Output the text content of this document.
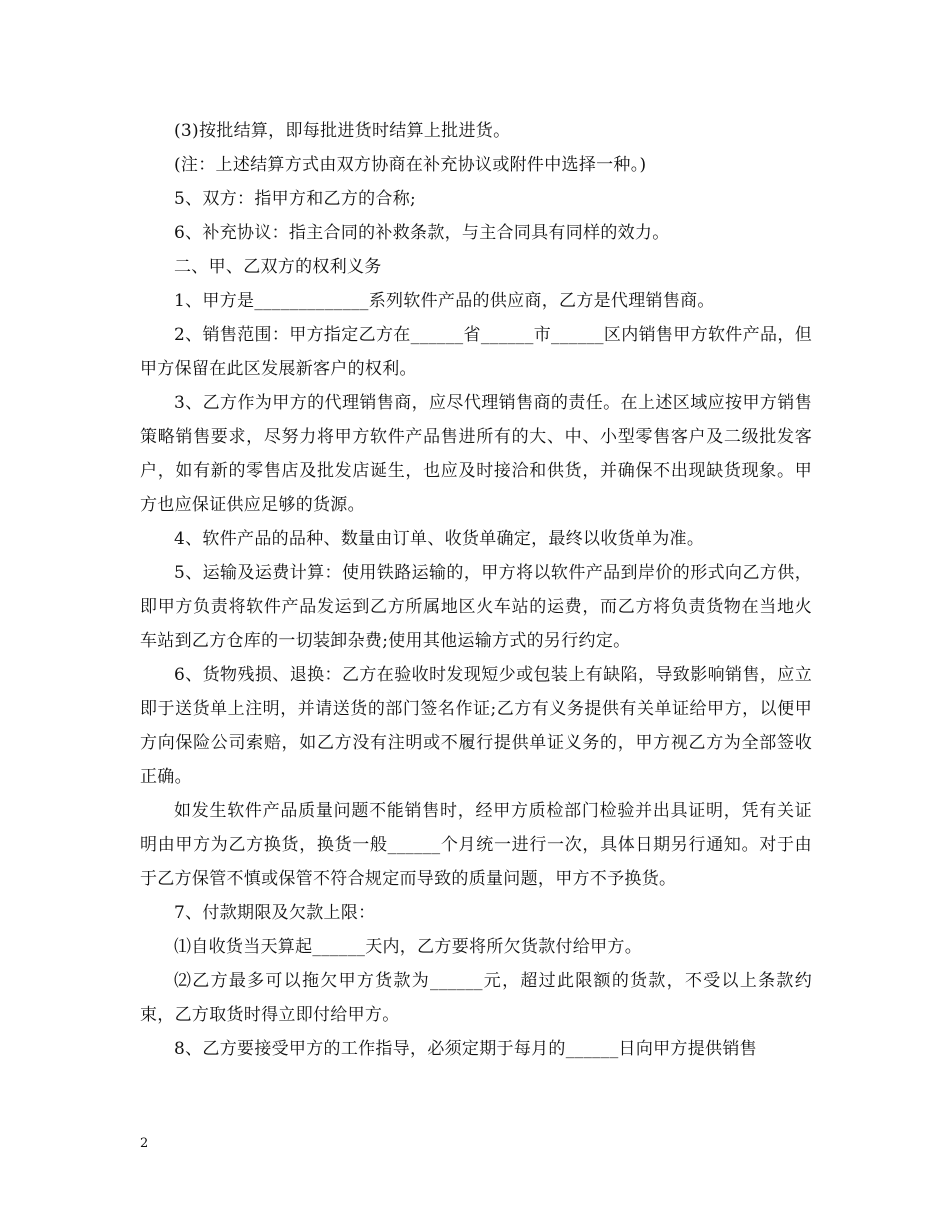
(3)按批结算，即每批进货时结算上批进货。

(注：上述结算方式由双方协商在补充协议或附件中选择一种。)

5、双方：指甲方和乙方的合称;

6、补充协议：指主合同的补救条款，与主合同具有同样的效力。

二、甲、乙双方的权利义务

1、甲方是_____________系列软件产品的供应商，乙方是代理销售商。

2、销售范围：甲方指定乙方在______省______市______区内销售甲方软件产品，但甲方保留在此区发展新客户的权利。

3、乙方作为甲方的代理销售商，应尽代理销售商的责任。在上述区域应按甲方销售策略销售要求，尽努力将甲方软件产品售进所有的大、中、小型零售客户及二级批发客户，如有新的零售店及批发店诞生，也应及时接洽和供货，并确保不出现缺货现象。甲方也应保证供应足够的货源。

4、软件产品的品种、数量由订单、收货单确定，最终以收货单为准。

5、运输及运费计算：使用铁路运输的，甲方将以软件产品到岸价的形式向乙方供，即甲方负责将软件产品发运到乙方所属地区火车站的运费，而乙方将负责货物在当地火车站到乙方仓库的一切装卸杂费;使用其他运输方式的另行约定。

6、货物残损、退换：乙方在验收时发现短少或包装上有缺陷，导致影响销售，应立即于送货单上注明，并请送货的部门签名作证;乙方有义务提供有关单证给甲方，以便甲方向保险公司索赔，如乙方没有注明或不履行提供单证义务的，甲方视乙方为全部签收正确。

如发生软件产品质量问题不能销售时，经甲方质检部门检验并出具证明，凭有关证明由甲方为乙方换货，换货一般______个月统一进行一次，具体日期另行通知。对于由于乙方保管不慎或保管不符合规定而导致的质量问题，甲方不予换货。

7、付款期限及欠款上限：

⑴自收货当天算起______天内，乙方要将所欠货款付给甲方。

⑵乙方最多可以拖欠甲方货款为______元，超过此限额的货款，不受以上条款约束，乙方取货时得立即付给甲方。

8、乙方要接受甲方的工作指导，必须定期于每月的______日向甲方提供销售

2
